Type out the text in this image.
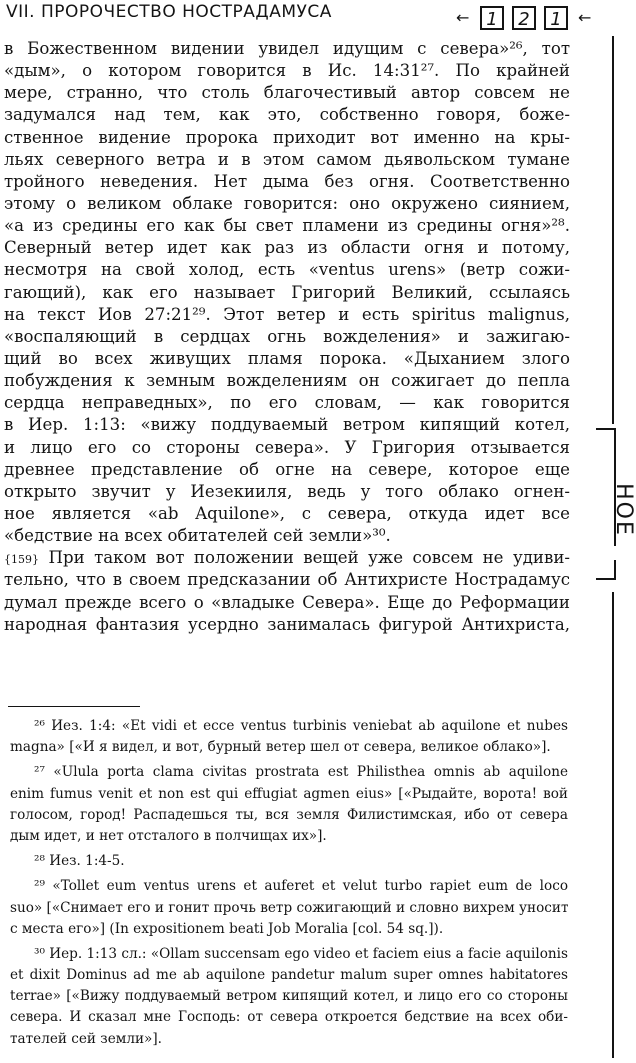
VII. ПРОРОЧЕСТВО НОСТРАДАМУСА	← 1	2	1	←
в Божественном видении увидел идущим с севера»²⁶, тот
«дым», о котором говорится в Ис. 14:31²⁷. По крайней
мере, странно, что столь благочестивый автор совсем не
задумался над тем, как это, собственно говоря, боже-
ственное видение пророка приходит вот именно на кры-
льях северного ветра и в этом самом дьявольском тумане
тройного неведения. Нет дыма без огня. Соответственно
этому о великом облаке говорится: оно окружено сиянием,
«а из средины его как бы свет пламени из средины огня»²⁸.
Северный ветер идет как раз из области огня и потому,
несмотря на свой холод, есть «ventus urens» (ветр сожи-
гающий), как его называет Григорий Великий, ссылаясь
на текст Иов 27:21²⁹. Этот ветер и есть spiritus malignus,
«воспаляющий в сердцах огнь вожделения» и зажигаю-
щий во всех живущих пламя порока. «Дыханием злого
побуждения к земным вожделениям он сожигает до пепла
сердца неправедных», по его словам, — как говорится
в Иер. 1:13: «вижу поддуваемый ветром кипящий котел,
и лицо его со стороны севера». У Григория отзывается
древнее представление об огне на севере, которое еще
открыто звучит у Иезекииля, ведь у того облако огнен-
ное является «ab Aquilone», с севера, откуда идет все
«бедствие на всех обитателей сей земли»³⁰.
{159} При таком вот положении вещей уже совсем не удиви-
тельно, что в своем предсказании об Антихристе Нострадамус
думал прежде всего о «владыке Севера». Еще до Реформации
народная фантазия усердно занималась фигурой Антихриста,
²⁶ Иез. 1:4: «Et vidi et ecce ventus turbinis veniebat ab aquilone et nubes
magna» [«И я видел, и вот, бурный ветер шел от севера, великое облако»].
²⁷ «Ulula porta clama civitas prostrata est Philisthea omnis ab aquilone
enim fumus venit et non est qui effugiat agmen eius» [«Рыдайте, ворота! вой
голосом, город! Распадешься ты, вся земля Филистимская, ибо от севера
дым идет, и нет отсталого в полчищах их»].
²⁸ Иез. 1:4-5.
²⁹ «Tollet eum ventus urens et auferet et velut turbo rapiet eum de loco
suo» [«Снимает его и гонит прочь ветр сожигающий и словно вихрем уносит
с места его»] (In expositionem beati Job Moralia [col. 54 sq.]).
³⁰ Иер. 1:13 сл.: «Ollam succensam ego video et faciem eius a facie aquilonis
et dixit Dominus ad me ab aquilone pandetur malum super omnes habitatores
terrae» [«Вижу поддуваемый ветром кипящий котел, и лицо его со стороны
севера. И сказал мне Господь: от севера откроется бедствие на всех оби-
тателей сей земли»].
НОЕ
